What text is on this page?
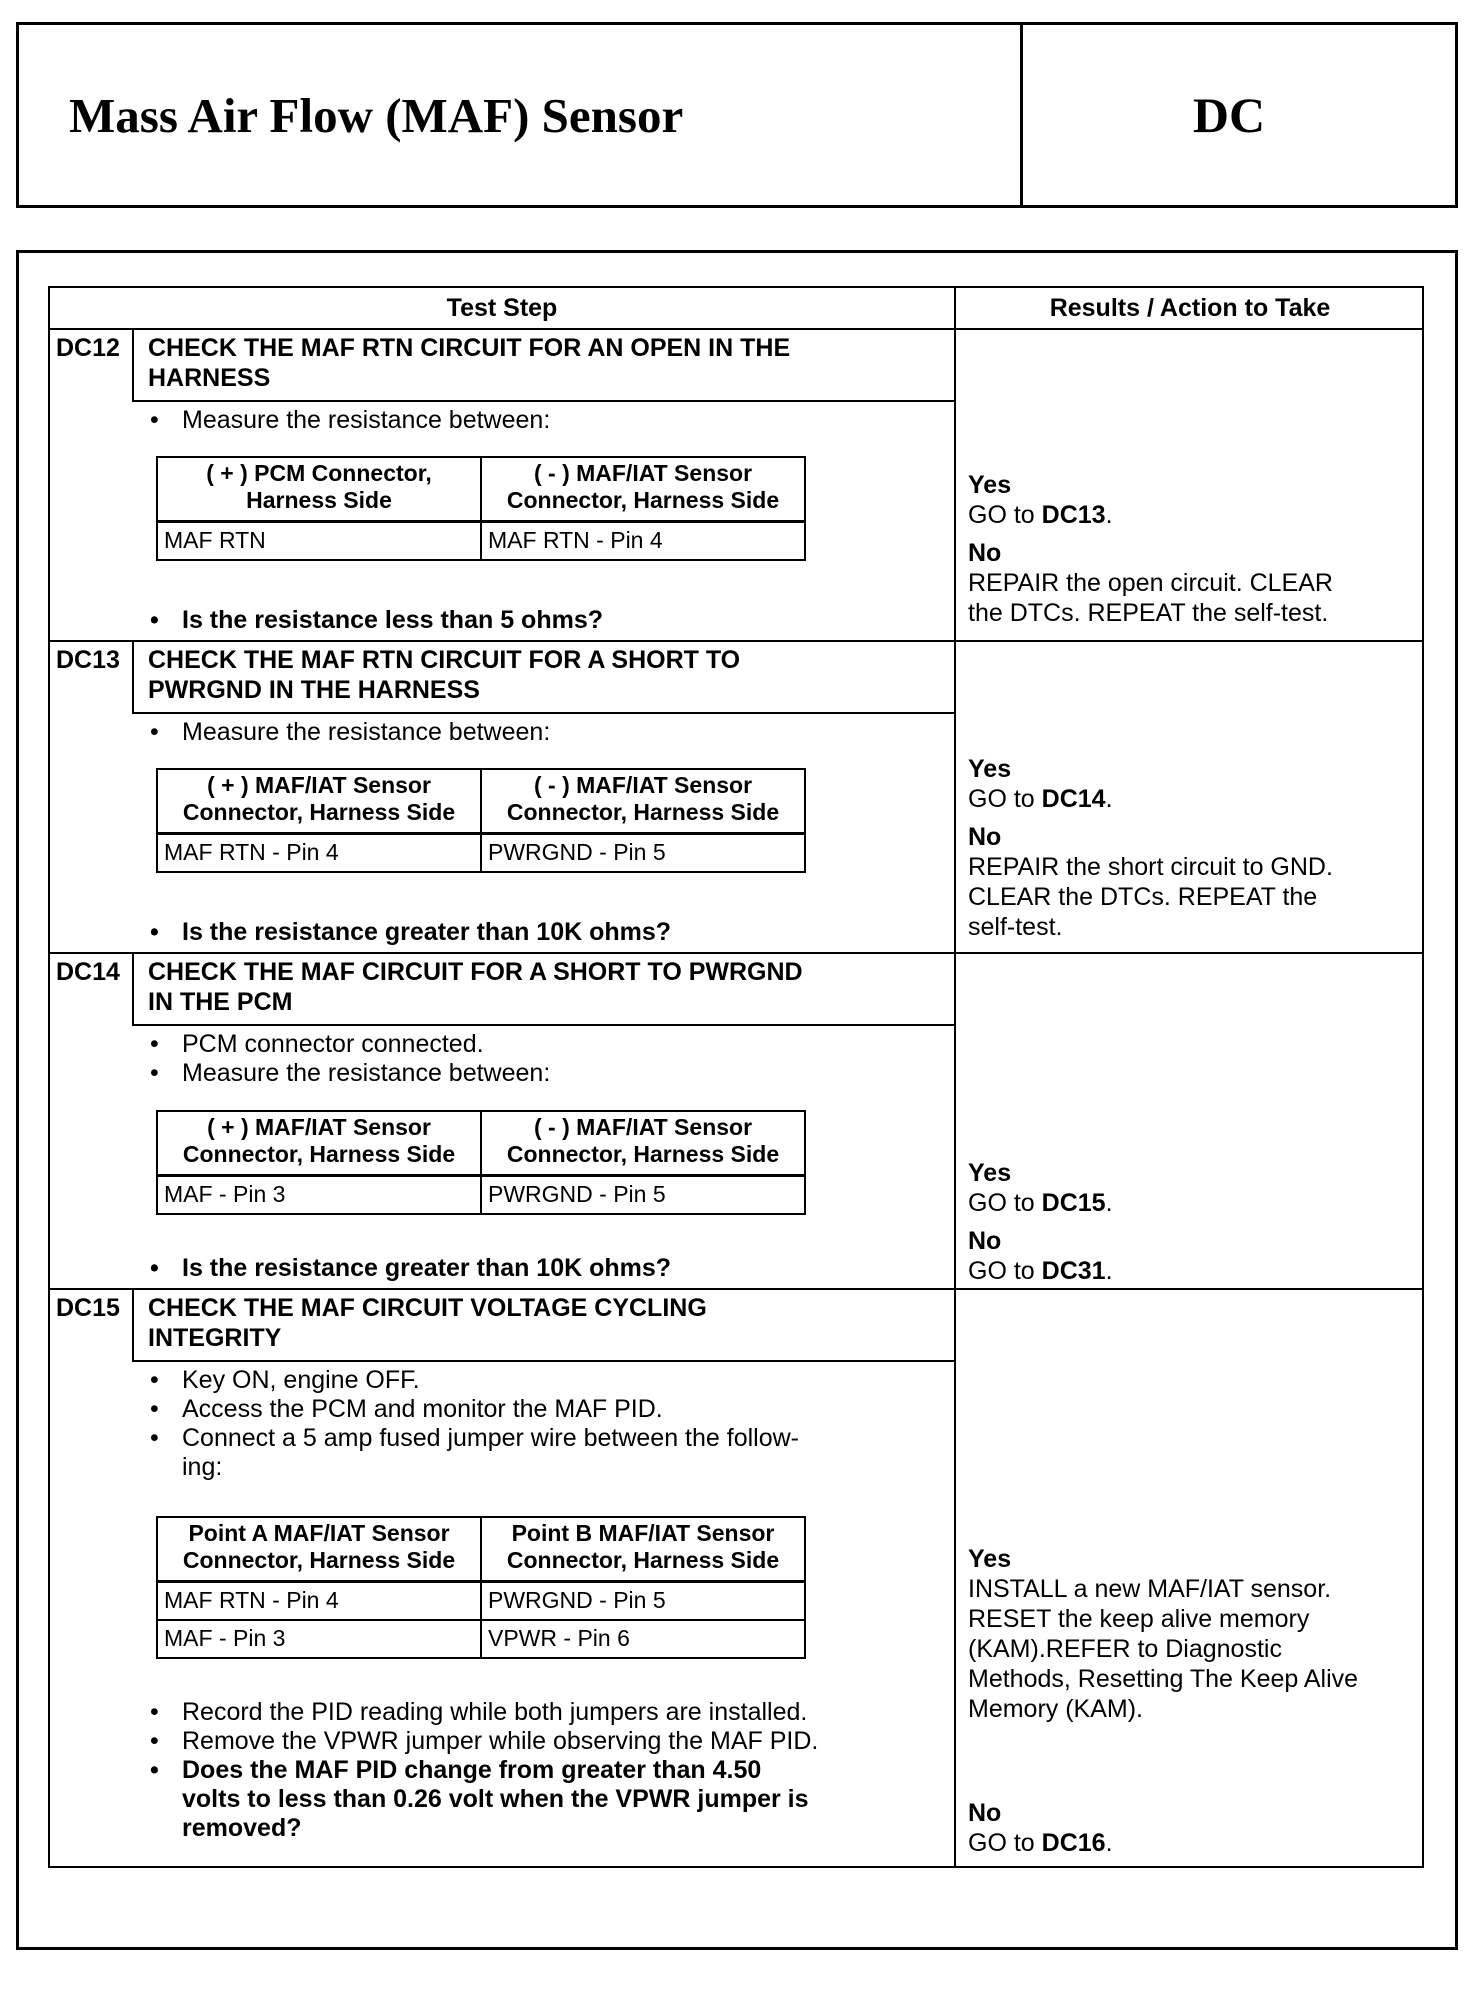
Mass Air Flow (MAF) Sensor	DC
Test Step	Results / Action to Take
DC12 CHECK THE MAF RTN CIRCUIT FOR AN OPEN IN THE
HARNESS
• Measure the resistance between:
( + ) PCM Connector, Harness Side	( - ) MAF/IAT Sensor Connector, Harness Side
MAF RTN	MAF RTN - Pin 4
• Is the resistance less than 5 ohms?
Yes
GO to DC13.
No
REPAIR the open circuit. CLEAR
the DTCs. REPEAT the self-test.
DC13 CHECK THE MAF RTN CIRCUIT FOR A SHORT TO
PWRGND IN THE HARNESS
• Measure the resistance between:
( + ) MAF/IAT Sensor Connector, Harness Side	( - ) MAF/IAT Sensor Connector, Harness Side
MAF RTN - Pin 4	PWRGND - Pin 5
• Is the resistance greater than 10K ohms?
Yes
GO to DC14.
No
REPAIR the short circuit to GND.
CLEAR the DTCs. REPEAT the
self-test.
DC14 CHECK THE MAF CIRCUIT FOR A SHORT TO PWRGND
IN THE PCM
• PCM connector connected.
• Measure the resistance between:
( + ) MAF/IAT Sensor Connector, Harness Side	( - ) MAF/IAT Sensor Connector, Harness Side
MAF - Pin 3	PWRGND - Pin 5
• Is the resistance greater than 10K ohms?
Yes
GO to DC15.
No
GO to DC31.
DC15 CHECK THE MAF CIRCUIT VOLTAGE CYCLING
INTEGRITY
• Key ON, engine OFF.
• Access the PCM and monitor the MAF PID.
• Connect a 5 amp fused jumper wire between the follow-
ing:
Point A MAF/IAT Sensor Connector, Harness Side	Point B MAF/IAT Sensor Connector, Harness Side
MAF RTN - Pin 4	PWRGND - Pin 5
MAF - Pin 3	VPWR - Pin 6
• Record the PID reading while both jumpers are installed.
• Remove the VPWR jumper while observing the MAF PID.
• Does the MAF PID change from greater than 4.50
volts to less than 0.26 volt when the VPWR jumper is
removed?
Yes
INSTALL a new MAF/IAT sensor.
RESET the keep alive memory
(KAM).REFER to Diagnostic
Methods, Resetting The Keep Alive
Memory (KAM).
No
GO to DC16.
